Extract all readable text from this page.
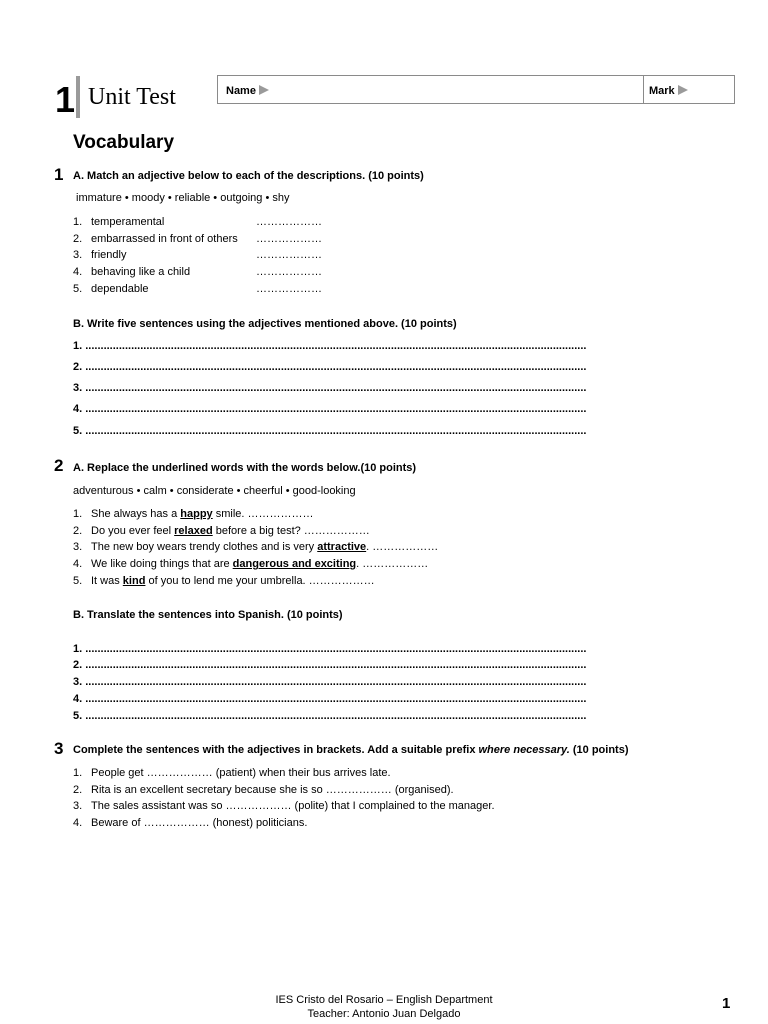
1 Unit Test	Name	Mark
Vocabulary
1 A. Match an adjective below to each of the descriptions. (10 points)
immature • moody • reliable • outgoing • shy
1. temperamental	………………
2. embarrassed in front of others ………………
3. friendly	………………
4. behaving like a child	………………
5. dependable	………………
B. Write five sentences using the adjectives mentioned above. (10 points)
1. ....................................................................................................................................................................
2. ....................................................................................................................................................................
3. ....................................................................................................................................................................
4. ....................................................................................................................................................................
5. ....................................................................................................................................................................
2 A. Replace the underlined words with the words below.(10 points)
adventurous • calm • considerate • cheerful • good-looking
1. She always has a happy smile. ………………
2. Do you ever feel relaxed before a big test? ………………
3. The new boy wears trendy clothes and is very attractive. ………………
4. We like doing things that are dangerous and exciting. ………………
5. It was kind of you to lend me your umbrella. ………………
B. Translate the sentences into Spanish. (10 points)
1. ....................................................................................................................................................................
2. ....................................................................................................................................................................
3. ....................................................................................................................................................................
4. ....................................................................................................................................................................
5. ....................................................................................................................................................................
3 Complete the sentences with the adjectives in brackets. Add a suitable prefix where necessary. (10 points)
1. People get ……………… (patient) when their bus arrives late.
2. Rita is an excellent secretary because she is so ……………… (organised).
3. The sales assistant was so ……………… (polite) that I complained to the manager.
4. Beware of ……………… (honest) politicians.
IES Cristo del Rosario – English Department
Teacher: Antonio Juan Delgado
1
